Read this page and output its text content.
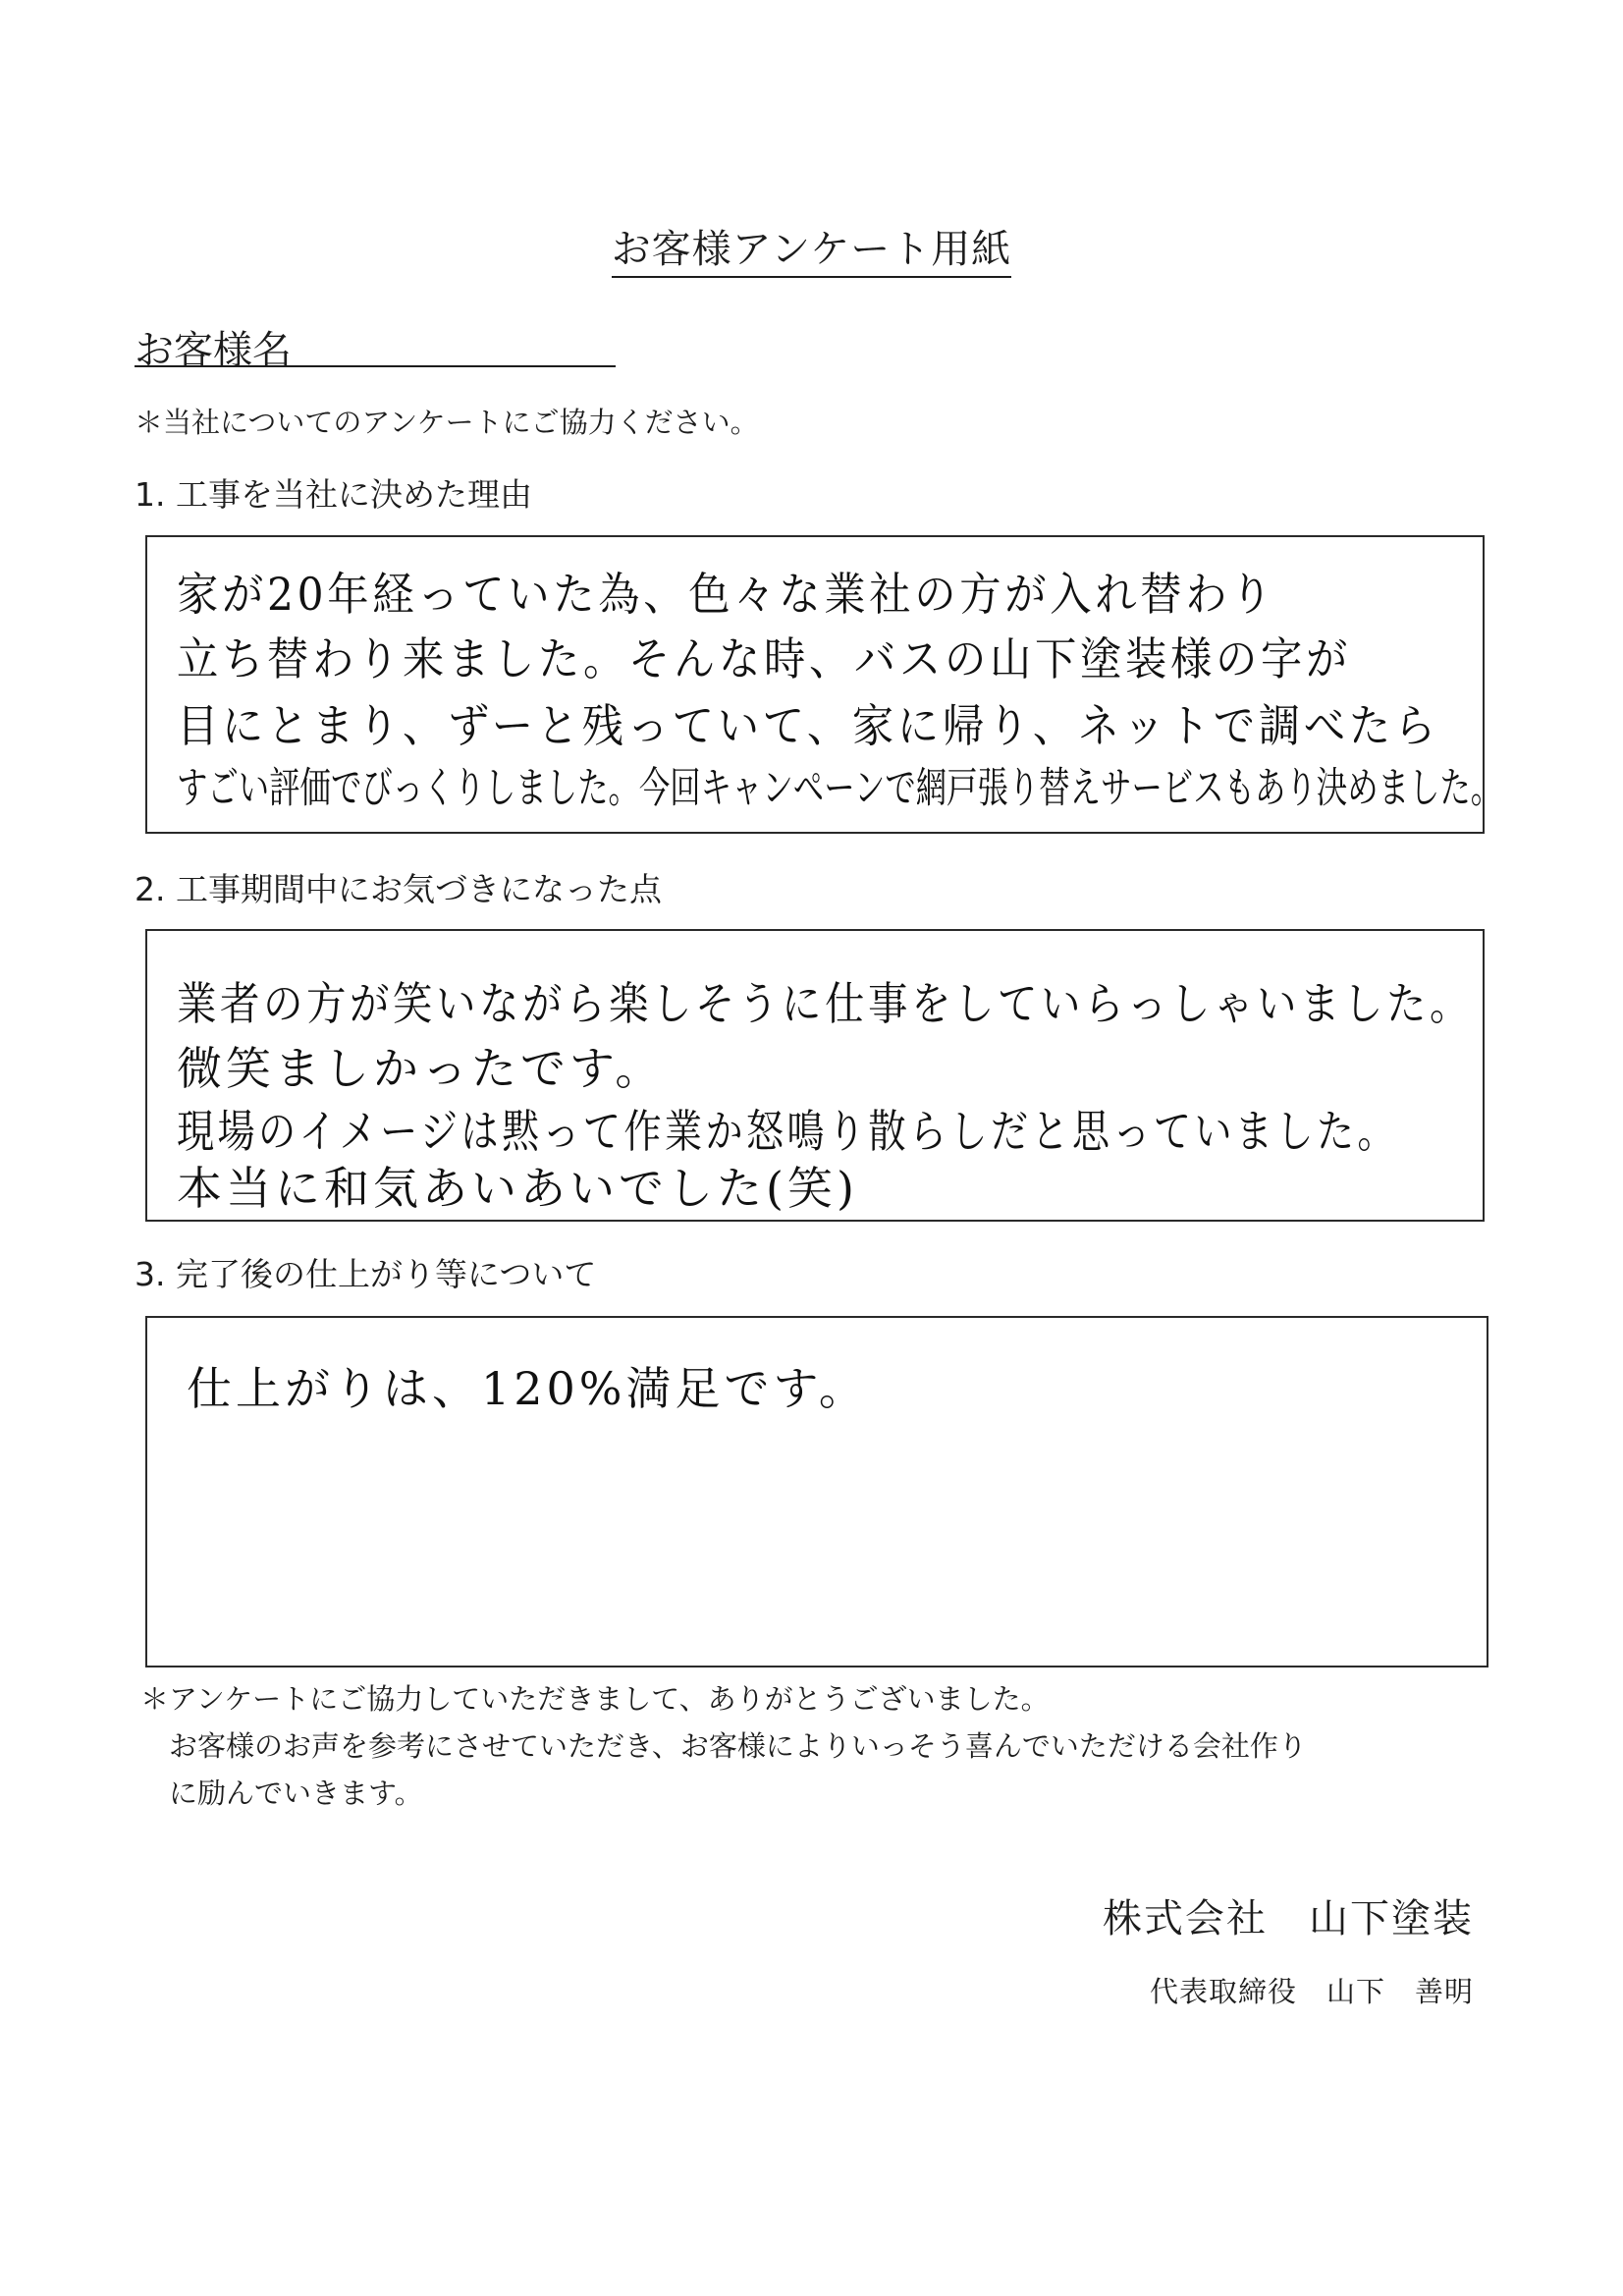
お客様アンケート用紙
お客様名
＊当社についてのアンケートにご協力ください。
1. 工事を当社に決めた理由
家が20年経っていた為、色々な業社の方が入れ替わり
立ち替わり来ました。そんな時、バスの山下塗装様の字が
目にとまり、ずーと残っていて、家に帰り、ネットで調べたら
すごい評価でびっくりしました。今回キャンペーンで網戸張り替えサービスもあり決めました。
2. 工事期間中にお気づきになった点
業者の方が笑いながら楽しそうに仕事をしていらっしゃいました。
微笑ましかったです。
現場のイメージは黙って作業か怒鳴り散らしだと思っていました。
本当に和気あいあいでした(笑)
3. 完了後の仕上がり等について
仕上がりは、120%満足です。
＊アンケートにご協力していただきまして、ありがとうございました。
お客様のお声を参考にさせていただき、お客様によりいっそう喜んでいただける会社作り
に励んでいきます。
株式会社　山下塗装
代表取締役　山下　善明
